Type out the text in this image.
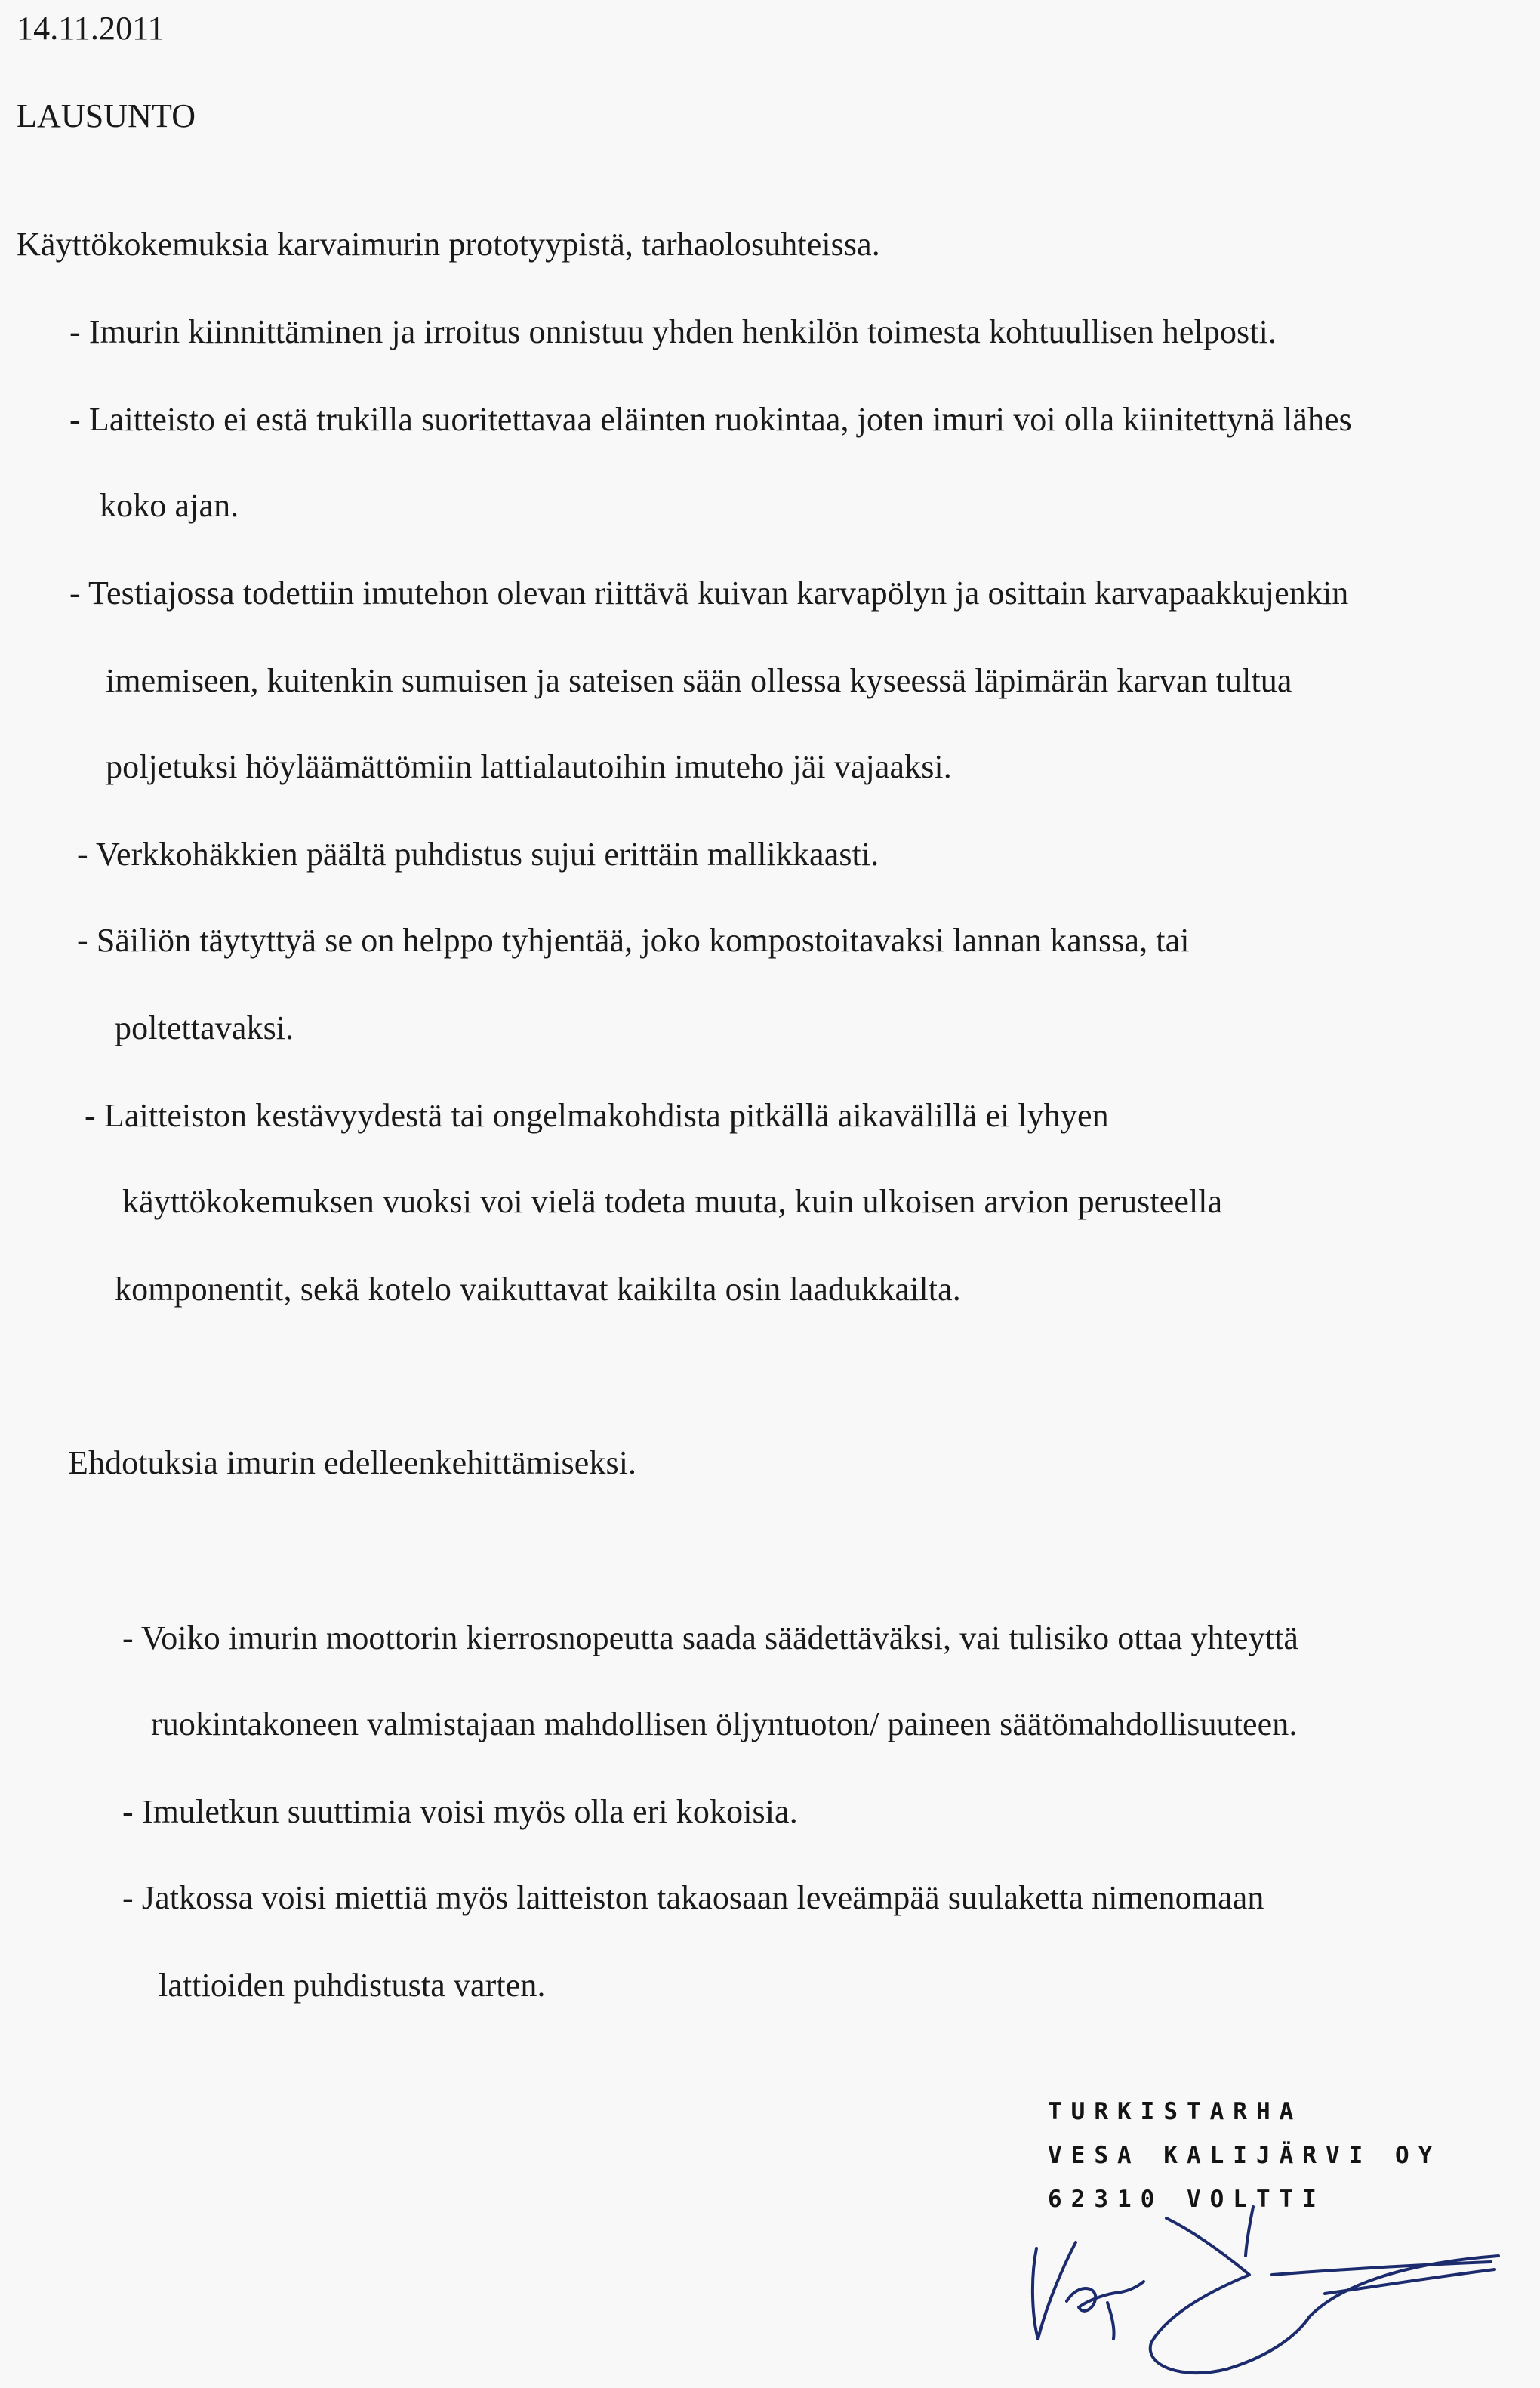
14.11.2011
LAUSUNTO
Käyttökokemuksia karvaimurin prototyypistä, tarhaolosuhteissa.
- Imurin kiinnittäminen ja irroitus onnistuu yhden henkilön toimesta kohtuullisen helposti.
- Laitteisto ei estä trukilla suoritettavaa eläinten ruokintaa, joten imuri voi olla kiinitettynä lähes
koko ajan.
- Testiajossa todettiin imutehon olevan riittävä kuivan karvapölyn ja osittain karvapaakkujenkin
imemiseen, kuitenkin sumuisen ja sateisen sään ollessa kyseessä läpimärän karvan tultua
poljetuksi höyläämättömiin lattialautoihin imuteho jäi vajaaksi.
- Verkkohäkkien päältä puhdistus sujui erittäin mallikkaasti.
- Säiliön täytyttyä se on helppo tyhjentää, joko kompostoitavaksi lannan kanssa, tai
poltettavaksi.
- Laitteiston kestävyydestä tai ongelmakohdista pitkällä aikavälillä ei lyhyen
käyttökokemuksen vuoksi voi vielä todeta muuta, kuin ulkoisen arvion perusteella
komponentit, sekä kotelo vaikuttavat kaikilta osin laadukkailta.
Ehdotuksia imurin edelleenkehittämiseksi.
- Voiko imurin moottorin kierrosnopeutta saada säädettäväksi, vai tulisiko ottaa yhteyttä
ruokintakoneen valmistajaan mahdollisen öljyntuoton/ paineen säätömahdollisuuteen.
- Imuletkun suuttimia voisi myös olla eri kokoisia.
- Jatkossa voisi miettiä myös laitteiston takaosaan leveämpää suulaketta nimenomaan
lattioiden puhdistusta varten.
TURKISTARHA
VESA KALIJÄRVI OY
62310 VOLTTI
